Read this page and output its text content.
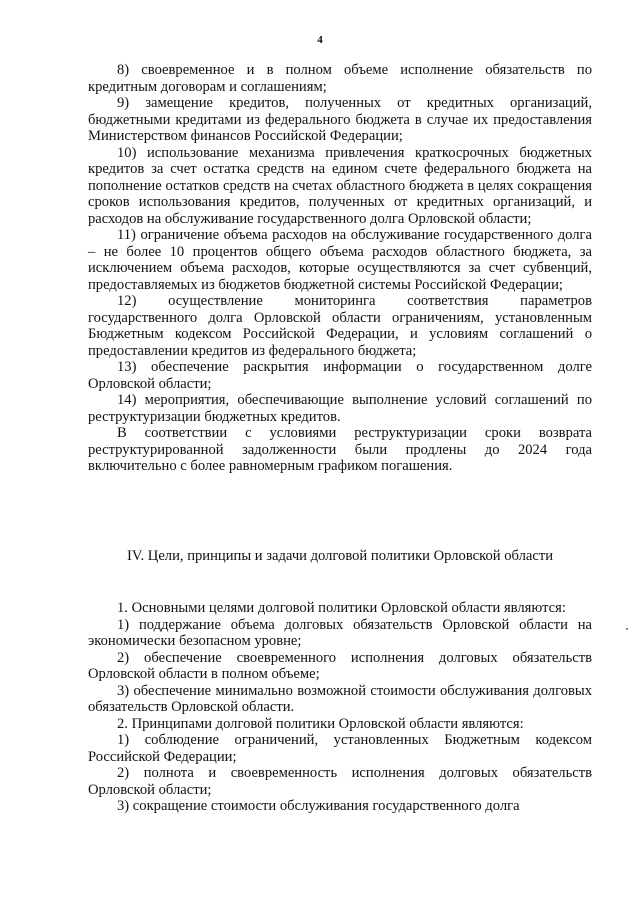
4

8) своевременное и в полном объеме исполнение обязательств по кредитным договорам и соглашениям;

9) замещение кредитов, полученных от кредитных организаций, бюджетными кредитами из федерального бюджета в случае их предоставления Министерством финансов Российской Федерации;

10) использование механизма привлечения краткосрочных бюджетных кредитов за счет остатка средств на едином счете федерального бюджета на пополнение остатков средств на счетах областного бюджета в целях сокращения сроков использования кредитов, полученных от кредитных организаций, и расходов на обслуживание государственного долга Орловской области;

11) ограничение объема расходов на обслуживание государственного долга – не более 10 процентов общего объема расходов областного бюджета, за исключением объема расходов, которые осуществляются за счет субвенций, предоставляемых из бюджетов бюджетной системы Российской Федерации;

12) осуществление мониторинга соответствия параметров государственного долга Орловской области ограничениям, установленным Бюджетным кодексом Российской Федерации, и условиям соглашений о предоставлении кредитов из федерального бюджета;

13) обеспечение раскрытия информации о государственном долге Орловской области;

14) мероприятия, обеспечивающие выполнение условий соглашений по реструктуризации бюджетных кредитов.

В соответствии с условиями реструктуризации сроки возврата реструктурированной задолженности были продлены до 2024 года включительно с более равномерным графиком погашения.

IV. Цели, принципы и задачи долговой политики Орловской области

1. Основными целями долговой политики Орловской области являются:

1) поддержание объема долговых обязательств Орловской области на экономически безопасном уровне;

2) обеспечение своевременного исполнения долговых обязательств Орловской области в полном объеме;

3) обеспечение минимально возможной стоимости обслуживания долговых обязательств Орловской области.

2. Принципами долговой политики Орловской области являются:

1) соблюдение ограничений, установленных Бюджетным кодексом Российской Федерации;

2) полнота и своевременность исполнения долговых обязательств Орловской области;

3) сокращение стоимости обслуживания государственного долга
